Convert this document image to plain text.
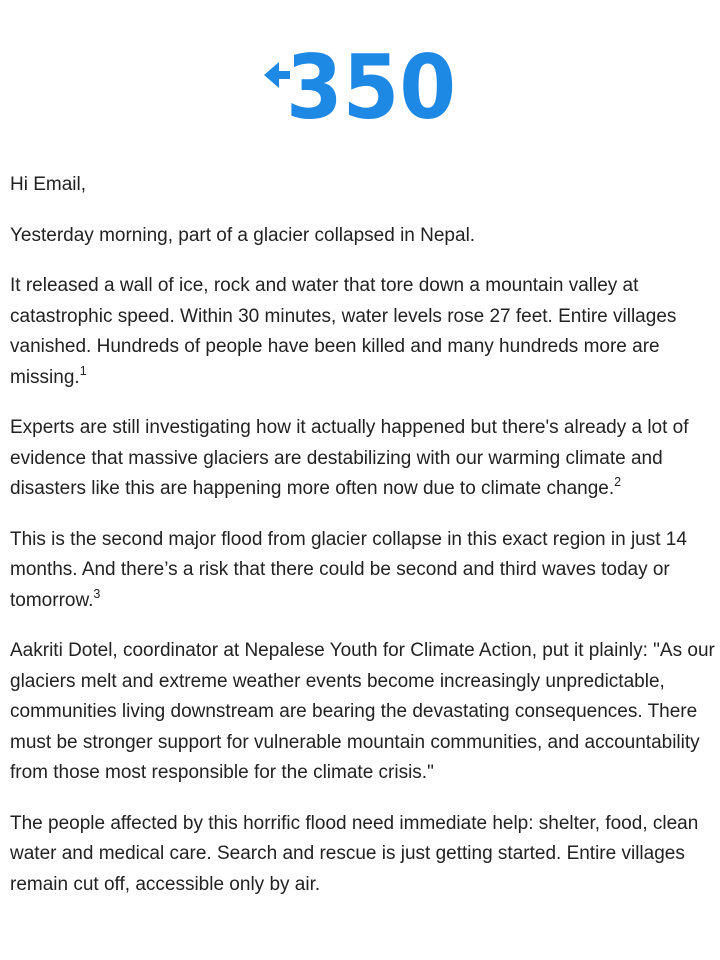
350

Hi Email,

Yesterday morning, part of a glacier collapsed in Nepal.

It released a wall of ice, rock and water that tore down a mountain valley at catastrophic speed. Within 30 minutes, water levels rose 27 feet. Entire villages vanished. Hundreds of people have been killed and many hundreds more are missing.$^1$

Experts are still investigating how it actually happened but there's already a lot of evidence that massive glaciers are destabilizing with our warming climate and disasters like this are happening more often now due to climate change.$^2$

This is the second major flood from glacier collapse in this exact region in just 14 months. And there’s a risk that there could be second and third waves today or tomorrow.$^3$

Aakriti Dotel, coordinator at Nepalese Youth for Climate Action, put it plainly: "As our glaciers melt and extreme weather events become increasingly unpredictable, communities living downstream are bearing the devastating consequences. There must be stronger support for vulnerable mountain communities, and accountability from those most responsible for the climate crisis."

The people affected by this horrific flood need immediate help: shelter, food, clean water and medical care. Search and rescue is just getting started. Entire villages remain cut off, accessible only by air.
